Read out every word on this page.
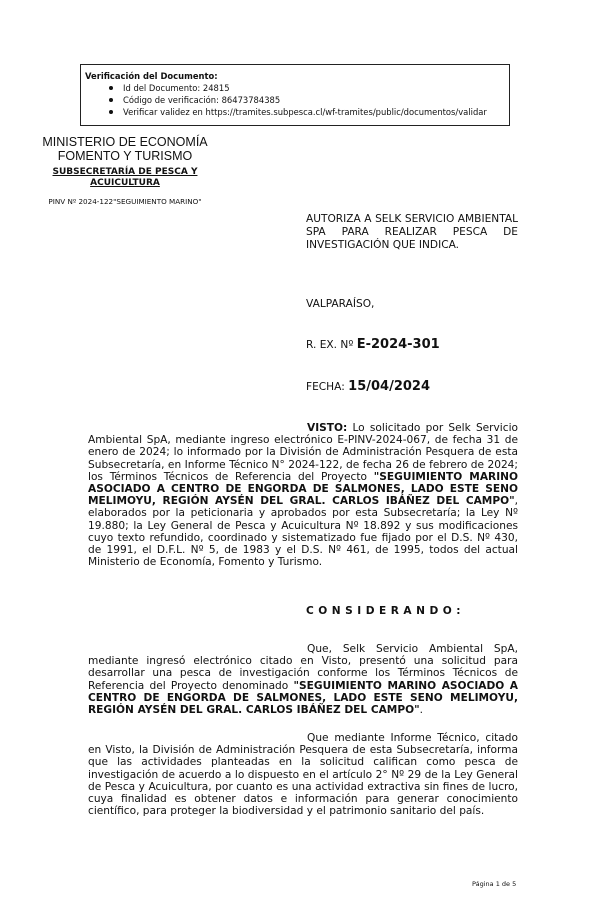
Verificación del Documento:
Id del Documento: 24815
Código de verificación: 86473784385
Verificar validez en https://tramites.subpesca.cl/wf-tramites/public/documentos/validar
MINISTERIO DE ECONOMÍA
FOMENTO Y TURISMO
SUBSECRETARÍA DE PESCA Y ACUICULTURA
PINV Nº 2024-122"SEGUIMIENTO MARINO"
AUTORIZA A SELK SERVICIO AMBIENTAL SPA PARA REALIZAR PESCA DE INVESTIGACIÓN QUE INDICA.
VALPARAÍSO,
R. EX. Nº E-2024-301
FECHA: 15/04/2024

VISTO: Lo solicitado por Selk Servicio Ambiental SpA, mediante ingreso electrónico E-PINV-2024-067, de fecha 31 de enero de 2024; lo informado por la División de Administración Pesquera de esta Subsecretaría, en Informe Técnico N° 2024-122, de fecha 26 de febrero de 2024; los Términos Técnicos de Referencia del Proyecto "SEGUIMIENTO MARINO ASOCIADO A CENTRO DE ENGORDA DE SALMONES, LADO ESTE SENO MELIMOYU, REGIÓN AYSÉN DEL GRAL. CARLOS IBÁÑEZ DEL CAMPO", elaborados por la peticionaria y aprobados por esta Subsecretaría; la Ley Nº 19.880; la Ley General de Pesca y Acuicultura Nº 18.892 y sus modificaciones cuyo texto refundido, coordinado y sistematizado fue fijado por el D.S. Nº 430, de 1991, el D.F.L. Nº 5, de 1983 y el D.S. Nº 461, de 1995, todos del actual Ministerio de Economía, Fomento y Turismo.

CONSIDERANDO:

Que, Selk Servicio Ambiental SpA, mediante ingresó electrónico citado en Visto, presentó una solicitud para desarrollar una pesca de investigación conforme los Términos Técnicos de Referencia del Proyecto denominado "SEGUIMIENTO MARINO ASOCIADO A CENTRO DE ENGORDA DE SALMONES, LADO ESTE SENO MELIMOYU, REGIÓN AYSÉN DEL GRAL. CARLOS IBÁÑEZ DEL CAMPO".

Que mediante Informe Técnico, citado en Visto, la División de Administración Pesquera de esta Subsecretaría, informa que las actividades planteadas en la solicitud califican como pesca de investigación de acuerdo a lo dispuesto en el artículo 2° Nº 29 de la Ley General de Pesca y Acuicultura, por cuanto es una actividad extractiva sin fines de lucro, cuya finalidad es obtener datos e información para generar conocimiento científico, para proteger la biodiversidad y el patrimonio sanitario del país.

Página 1 de 5
